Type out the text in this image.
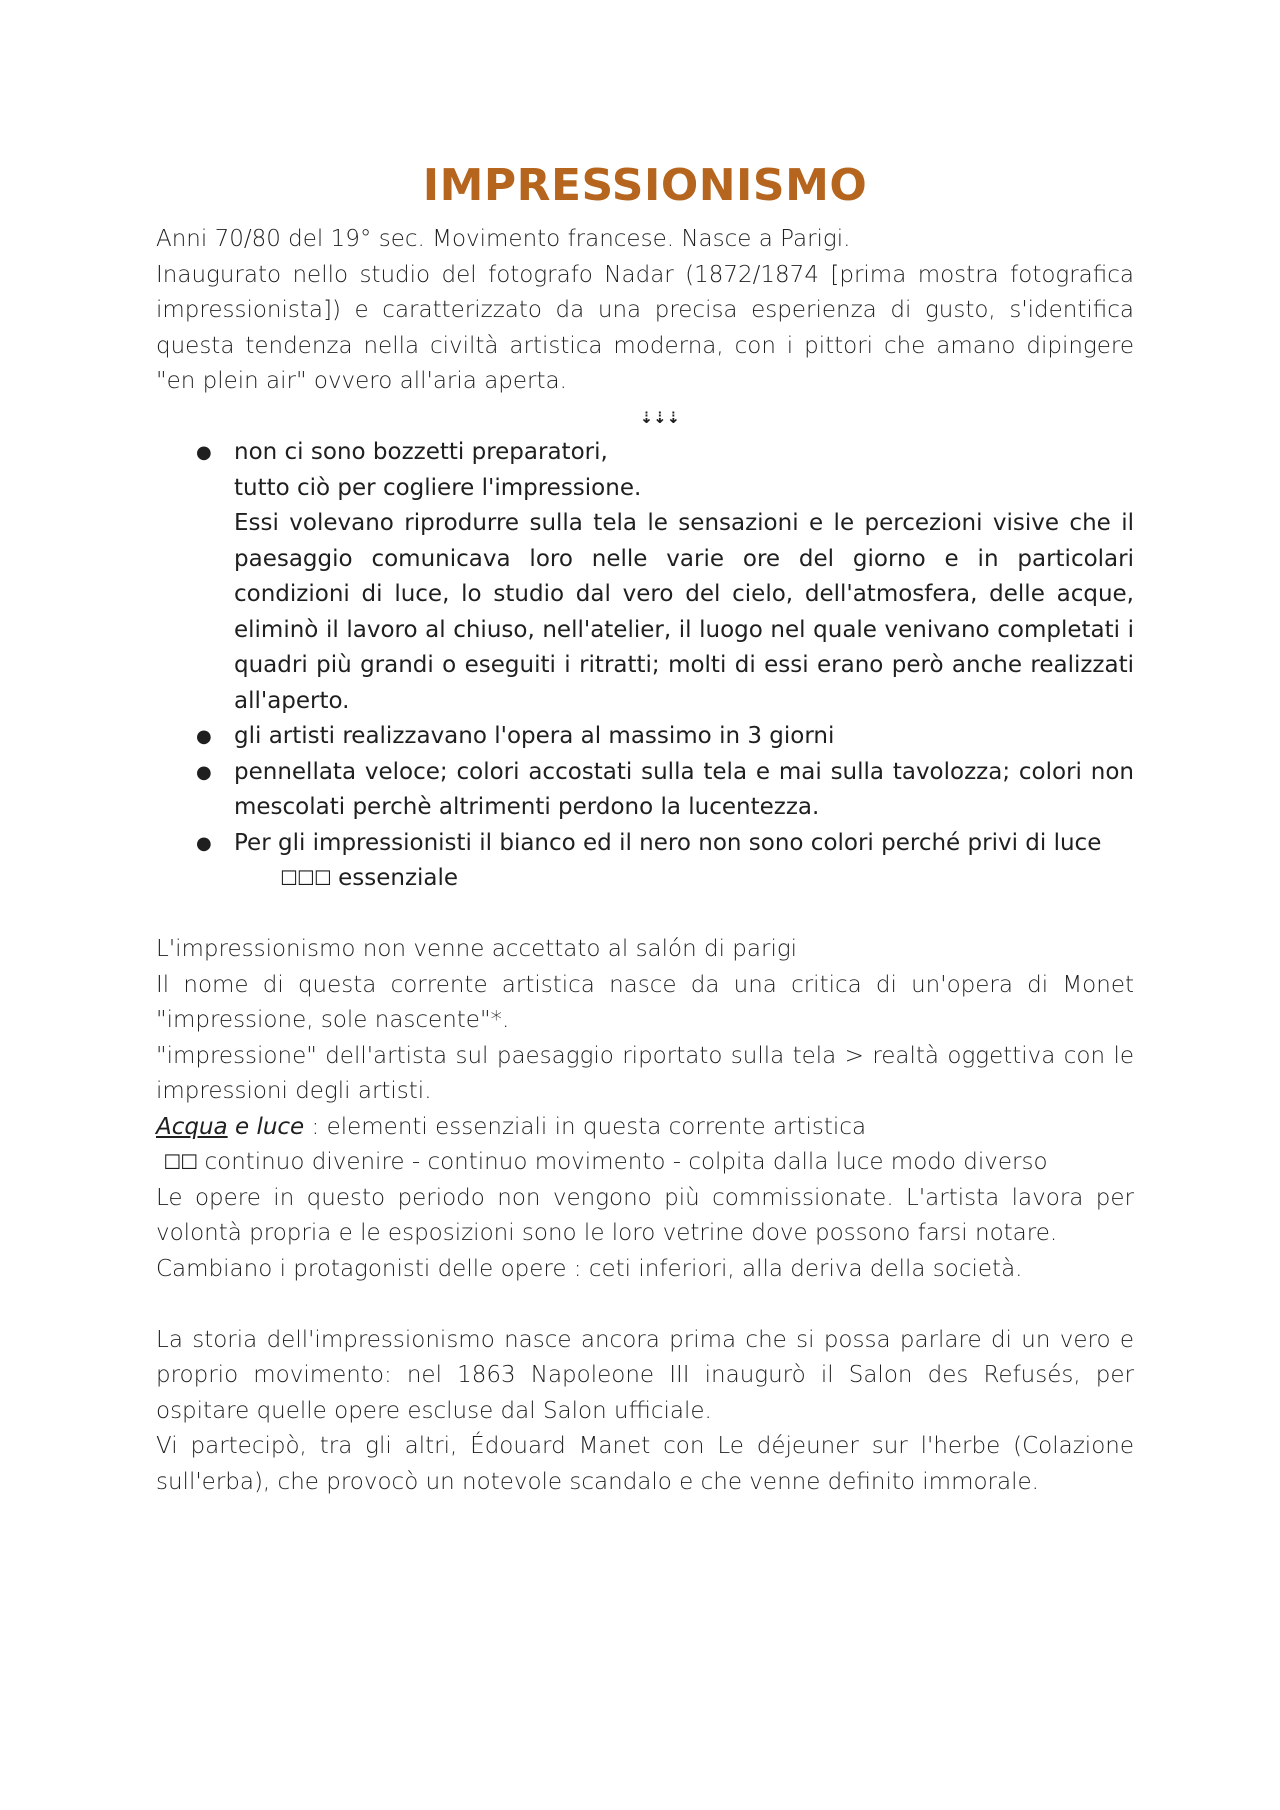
IMPRESSIONISMO

Anni 70/80 del 19° sec. Movimento francese. Nasce a Parigi.

Inaugurato nello studio del fotografo Nadar (1872/1874 [prima mostra fotografica impressionista]) e caratterizzato da una precisa esperienza di gusto, s'identifica questa tendenza nella civiltà artistica moderna, con i pittori che amano dipingere "en plein air" ovvero all'aria aperta.

⇣⇣⇣
● non ci sono bozzetti preparatori,
tutto ciò per cogliere l'impressione.
Essi volevano riprodurre sulla tela le sensazioni e le percezioni visive che il paesaggio comunicava loro nelle varie ore del giorno e in particolari condizioni di luce, lo studio dal vero del cielo, dell'atmosfera, delle acque, eliminò il lavoro al chiuso, nell'atelier, il luogo nel quale venivano completati i quadri più grandi o eseguiti i ritratti; molti di essi erano però anche realizzati all'aperto.
● gli artisti realizzavano l'opera al massimo in 3 giorni
● pennellata veloce; colori accostati sulla tela e mai sulla tavolozza; colori non mescolati perchè altrimenti perdono la lucentezza.
● Per gli impressionisti il bianco ed il nero non sono colori perché privi di luce
☐☐☐ essenziale

L'impressionismo non venne accettato al salón di parigi

Il nome di questa corrente artistica nasce da una critica di un'opera di Monet "impressione, sole nascente"*.

"impressione" dell'artista sul paesaggio riportato sulla tela > realtà oggettiva con le impressioni degli artisti.

Acqua e luce : elementi essenziali in questa corrente artistica

☐☐ continuo divenire - continuo movimento - colpita dalla luce modo diverso

Le opere in questo periodo non vengono più commissionate. L'artista lavora per volontà propria e le esposizioni sono le loro vetrine dove possono farsi notare.

Cambiano i protagonisti delle opere : ceti inferiori, alla deriva della società.

La storia dell'impressionismo nasce ancora prima che si possa parlare di un vero e proprio movimento: nel 1863 Napoleone III inaugurò il Salon des Refusés, per ospitare quelle opere escluse dal Salon ufficiale.

Vi partecipò, tra gli altri, Édouard Manet con Le déjeuner sur l'herbe (Colazione sull'erba), che provocò un notevole scandalo e che venne definito immorale.
